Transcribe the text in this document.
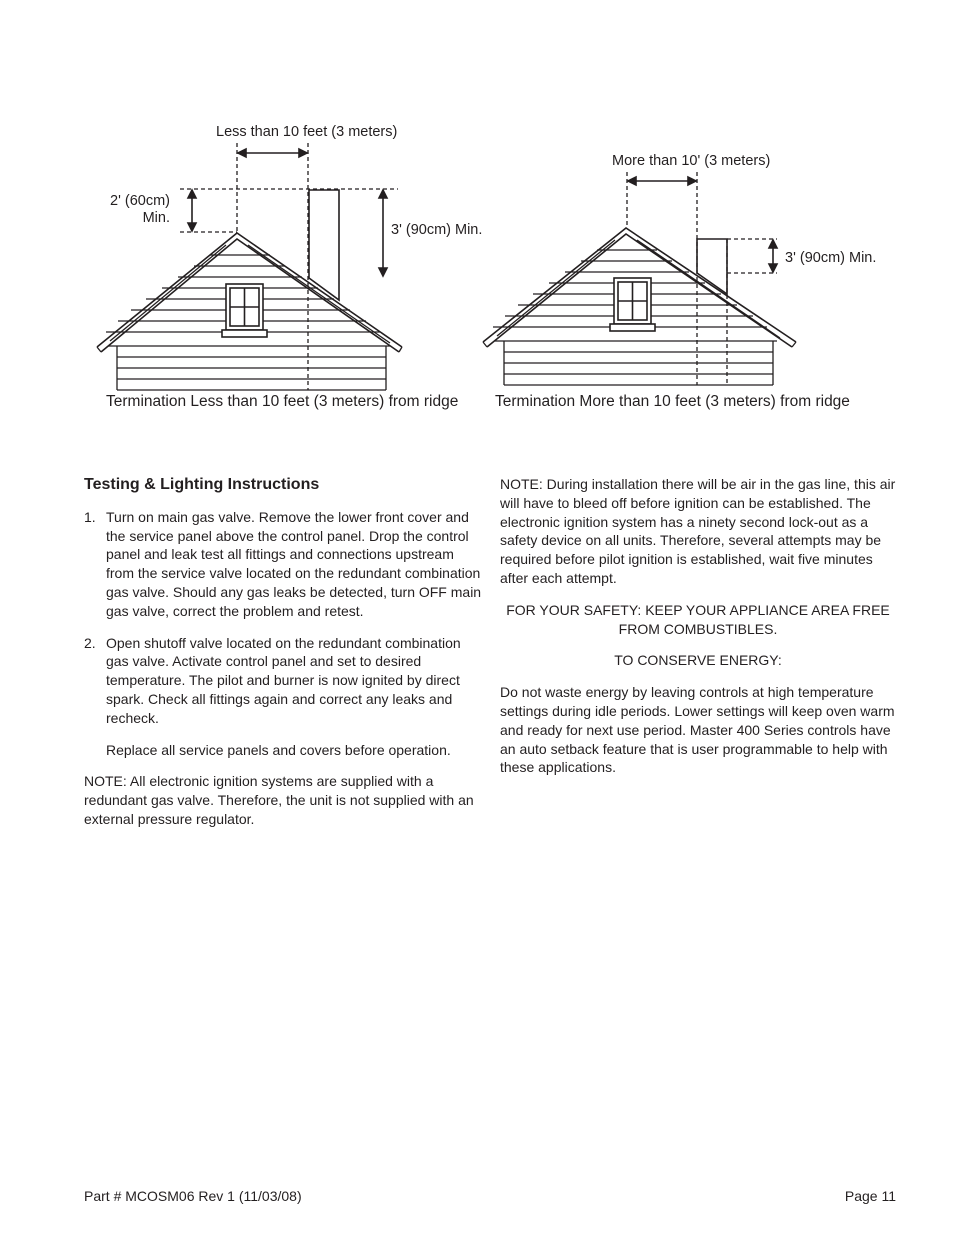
Less than 10 feet (3 meters)
2' (60cm)
Min.
3' (90cm) Min.
Termination Less than 10 feet (3 meters) from ridge
More than 10' (3 meters)
3' (90cm) Min.
Termination More than 10 feet (3 meters) from ridge
Testing & Lighting Instructions
1. Turn on main gas valve. Remove the lower front cover and the service panel above the control panel. Drop the control panel and leak test all fittings and connections upstream from the service valve located on the redundant combination gas valve. Should any gas leaks be detected, turn OFF main gas valve, correct the problem and retest.
2. Open shutoff valve located on the redundant combination gas valve. Activate control panel and set to desired temperature. The pilot and burner is now ignited by direct spark. Check all fittings again and correct any leaks and recheck.
Replace all service panels and covers before operation.

NOTE: All electronic ignition systems are supplied with a redundant gas valve. Therefore, the unit is not supplied with an external pressure regulator.

NOTE: During installation there will be air in the gas line, this air will have to bleed off before ignition can be established. The electronic ignition system has a ninety second lock-out as a safety device on all units. Therefore, several attempts may be required before pilot ignition is established, wait five minutes after each attempt.

FOR YOUR SAFETY: KEEP YOUR APPLIANCE AREA FREE FROM COMBUSTIBLES.

TO CONSERVE ENERGY:

Do not waste energy by leaving controls at high temperature settings during idle periods. Lower settings will keep oven warm and ready for next use period. Master 400 Series controls have an auto setback feature that is user programmable to help with these applications.

Part # MCOSM06 Rev 1 (11/03/08)	Page 11
